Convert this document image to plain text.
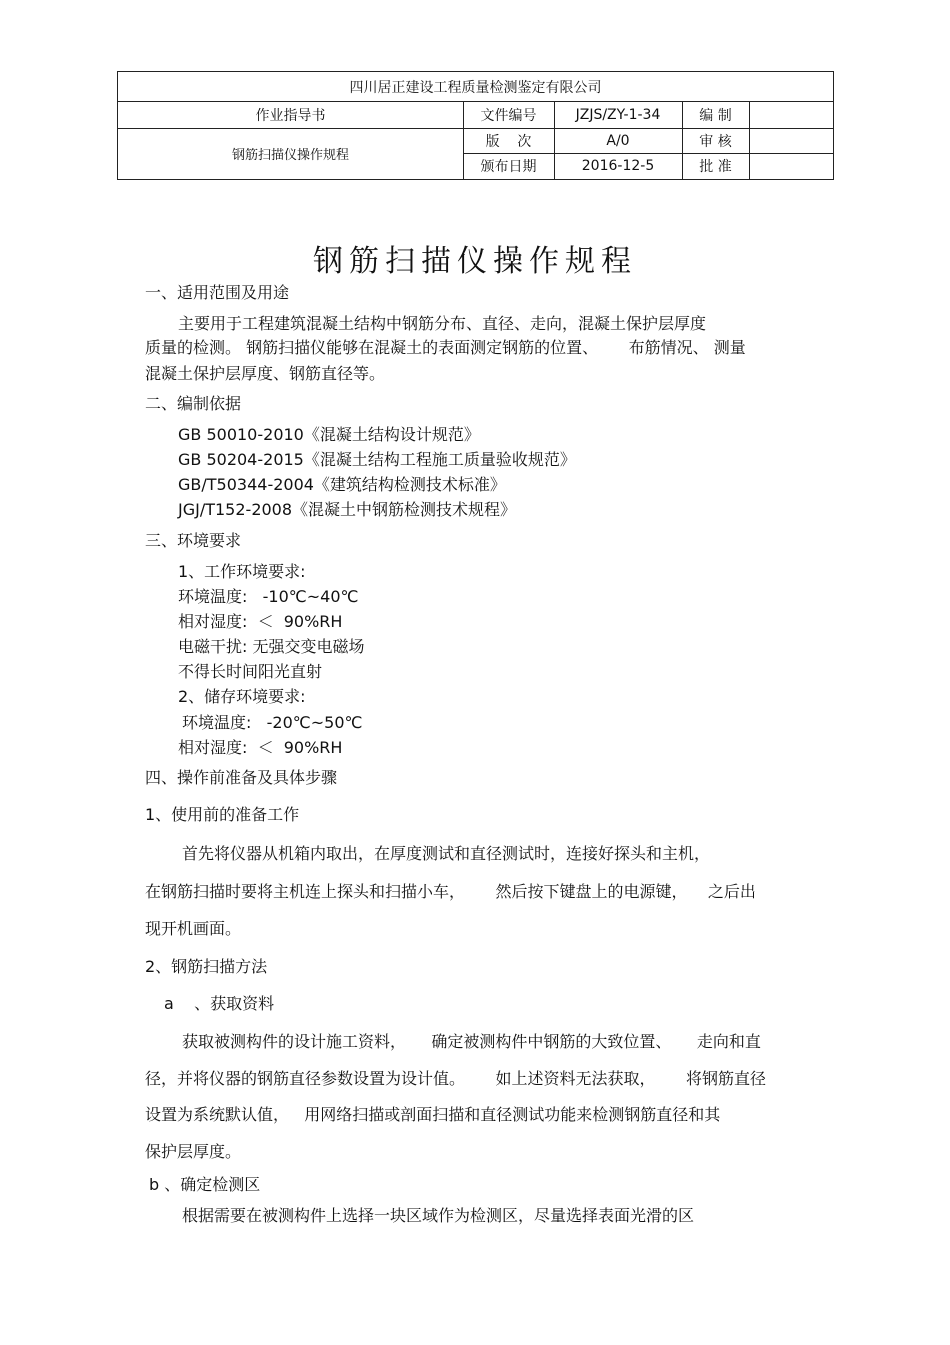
四川居正建设工程质量检测鉴定有限公司
作业指导书	文件编号	JZJS/ZY-1-34	编 制
钢筋扫描仪操作规程
版    次	A/0	审 核
颁布日期	2016-12-5	批 准
钢筋扫描仪操作规程
一、适用范围及用途
主要用于工程建筑混凝土结构中钢筋分布、直径、走向，混凝土保护层厚度
质量的检测。 钢筋扫描仪能够在混凝土的表面测定钢筋的位置、      布筋情况、 测量
混凝土保护层厚度、钢筋直径等。
二、编制依据
GB 50010-2010《混凝土结构设计规范》
GB 50204-2015《混凝土结构工程施工质量验收规范》
GB/T50344-2004《建筑结构检测技术标准》
JGJ/T152-2008《混凝土中钢筋检测技术规程》
三、环境要求
1、工作环境要求:
环境温度:   -10℃~40℃
相对湿度:  ＜  90%RH
电磁干扰: 无强交变电磁场
不得长时间阳光直射
2、储存环境要求:
环境温度:   -20℃~50℃
相对湿度:  ＜  90%RH
四、操作前准备及具体步骤
1、使用前的准备工作
首先将仪器从机箱内取出，在厚度测试和直径测试时，连接好探头和主机，
在钢筋扫描时要将主机连上探头和扫描小车，      然后按下键盘上的电源键，    之后出
现开机画面。
2、钢筋扫描方法
a    、获取资料
获取被测构件的设计施工资料，     确定被测构件中钢筋的大致位置、     走向和直
径，并将仪器的钢筋直径参数设置为设计值。      如上述资料无法获取，      将钢筋直径
设置为系统默认值，   用网络扫描或剖面扫描和直径测试功能来检测钢筋直径和其
保护层厚度。
b 、确定检测区
根据需要在被测构件上选择一块区域作为检测区，尽量选择表面光滑的区
